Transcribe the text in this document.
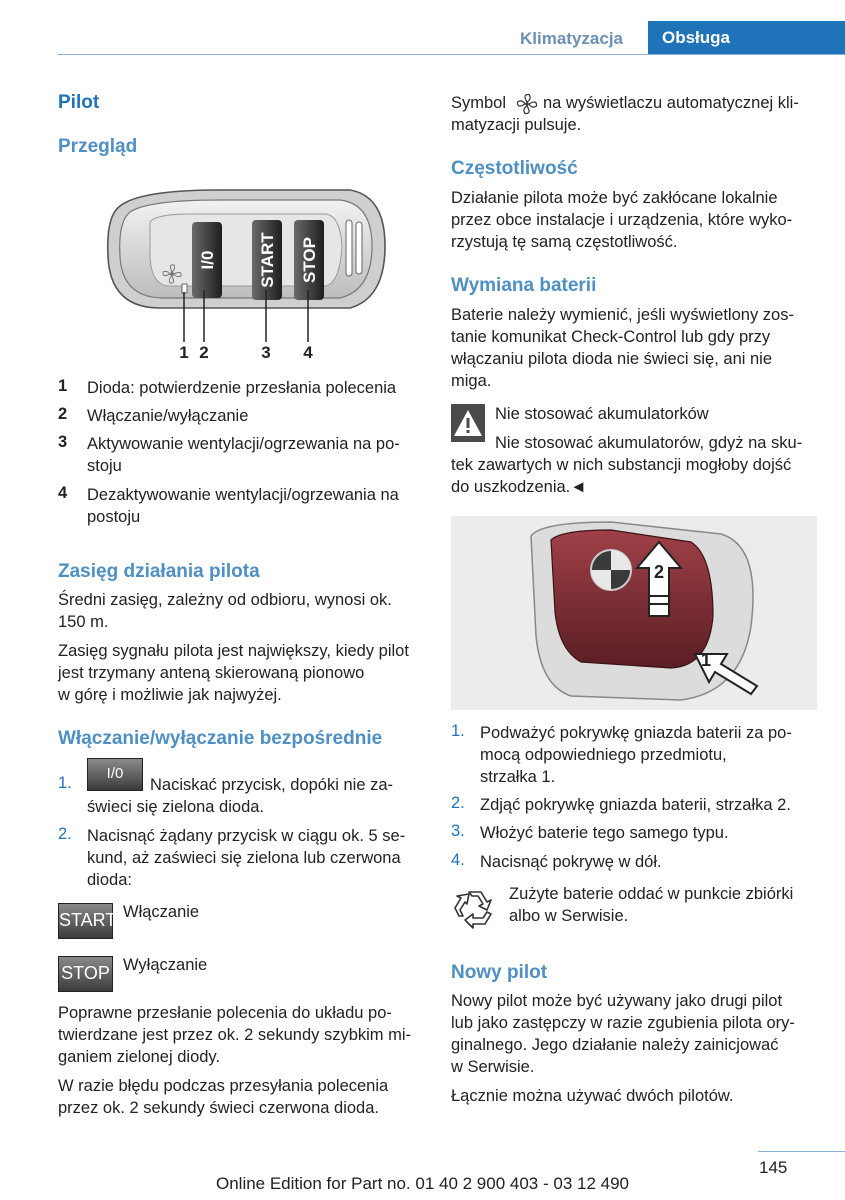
Klimatyzacja	Obsługa
Pilot
Przegląd
I/0 START STOP
1 2	3 4
1 Dioda: potwierdzenie przesłania polecenia
2 Włączanie/wyłączanie
3 Aktywowanie wentylacji/ogrzewania na po-
stoju
4 Dezaktywowanie wentylacji/ogrzewania na
postoju
Zasięg działania pilota
Średni zasięg, zależny od odbioru, wynosi ok.
150 m.
Zasięg sygnału pilota jest największy, kiedy pilot
jest trzymany anteną skierowaną pionowo
w górę i możliwie jak najwyżej.
Włączanie/wyłączanie bezpośrednie
1.
I/0
Naciskać przycisk, dopóki nie za-
świeci się zielona dioda.
2. Nacisnąć żądany przycisk w ciągu ok. 5 se-
kund, aż zaświeci się zielona lub czerwona
dioda:
START Włączanie
STOP Wyłączanie
Poprawne przesłanie polecenia do układu po-
twierdzane jest przez ok. 2 sekundy szybkim mi-
ganiem zielonej diody.
W razie błędu podczas przesyłania polecenia
przez ok. 2 sekundy świeci czerwona dioda.
Symbol na wyświetlaczu automatycznej kli-
matyzacji pulsuje.
Częstotliwość
Działanie pilota może być zakłócane lokalnie
przez obce instalacje i urządzenia, które wyko-
rzystują tę samą częstotliwość.
Wymiana baterii
Baterie należy wymienić, jeśli wyświetlony zos-
tanie komunikat Check-Control lub gdy przy
włączaniu pilota dioda nie świeci się, ani nie
miga.
Nie stosować akumulatorków
Nie stosować akumulatorów, gdyż na sku-
tek zawartych w nich substancji mogłoby dojść
do uszkodzenia.◄
2
1
1. Podważyć pokrywkę gniazda baterii za po-
mocą odpowiedniego przedmiotu,
strzałka 1.
2. Zdjąć pokrywkę gniazda baterii, strzałka 2.
3. Włożyć baterie tego samego typu.
4. Nacisnąć pokrywę w dół.
Zużyte baterie oddać w punkcie zbiórki
albo w Serwisie.
Nowy pilot
Nowy pilot może być używany jako drugi pilot
lub jako zastępczy w razie zgubienia pilota ory-
ginalnego. Jego działanie należy zainicjować
w Serwisie.
Łącznie można używać dwóch pilotów.
145
Online Edition for Part no. 01 40 2 900 403 - 03 12 490
